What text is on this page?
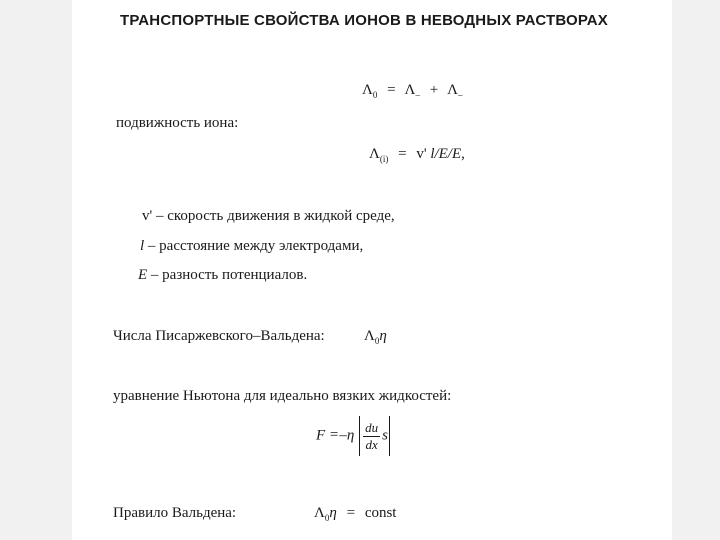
ТРАНСПОРТНЫЕ СВОЙСТВА ИОНОВ В НЕВОДНЫХ РАСТВОРАХ
$\Lambda_0 = \Lambda_- + \Lambda_-$
подвижность иона:
$\Lambda_{(i)} = v'$ l/E/E,
v' – скорость движения в жидкой среде,
l – расстояние между электродами,
E – разность потенциалов.
Числа Писаржевского–Вальдена:	$\Lambda_0\eta$
уравнение Ньютона для идеально вязких жидкостей:
$F =-\eta \frac{du}{dx}$ s
Правило Вальдена:	$\Lambda_0\eta$ = const
